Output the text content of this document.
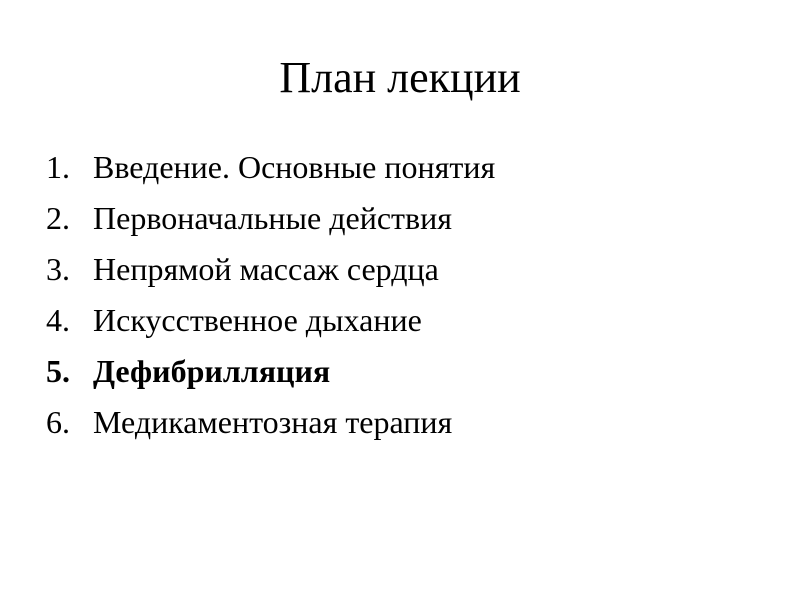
План лекции
1. Введение. Основные понятия
2. Первоначальные действия
3. Непрямой массаж сердца
4. Искусственное дыхание
5. Дефибрилляция
6. Медикаментозная терапия
